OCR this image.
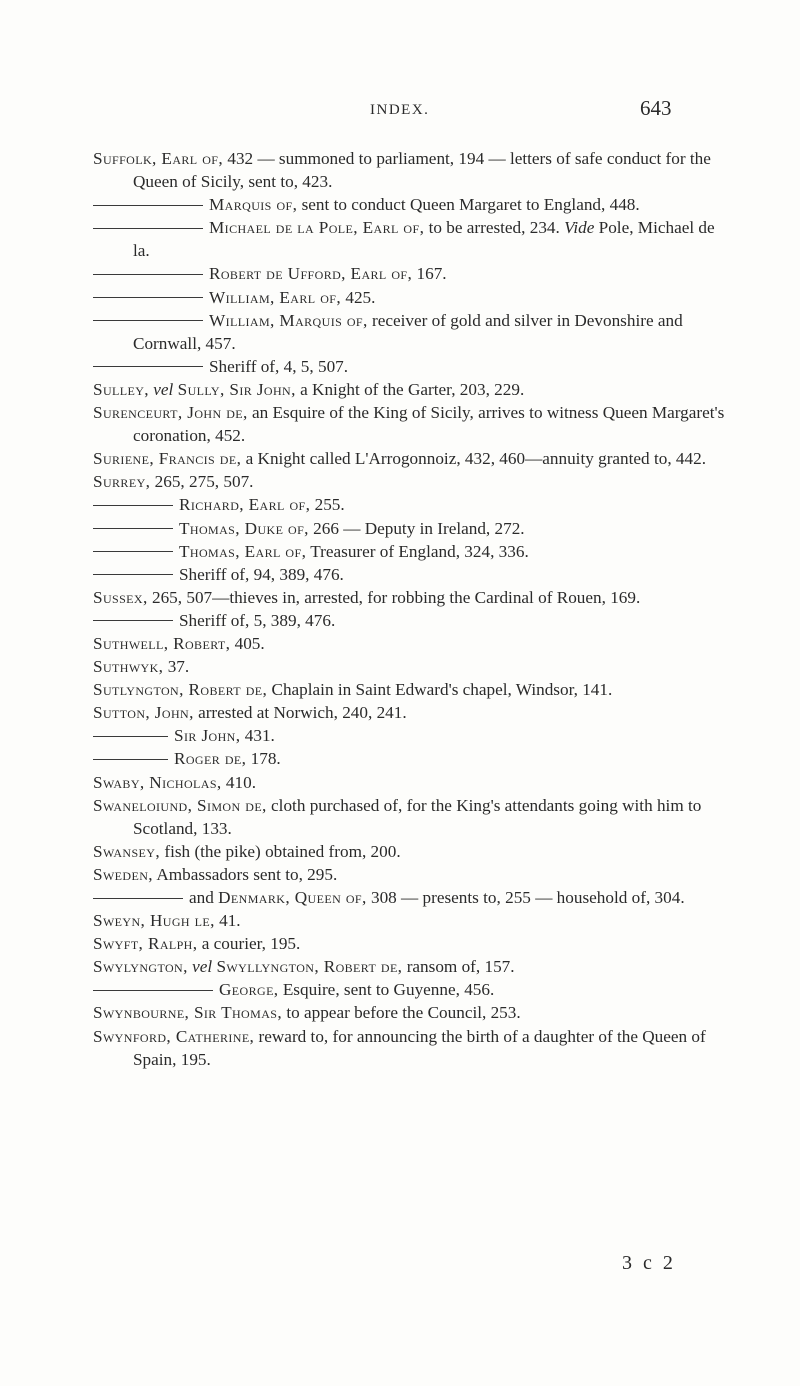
INDEX.	643

Suffolk, Earl of, 432 — summoned to parliament, 194 — letters of safe conduct for the Queen of Sicily, sent to, 423.

Marquis of, sent to conduct Queen Margaret to England, 448.

Michael de la Pole, Earl of, to be arrested, 234. Vide Pole, Michael de la.

Robert de Ufford, Earl of, 167.

William, Earl of, 425.

William, Marquis of, receiver of gold and silver in Devonshire and Cornwall, 457.

Sheriff of, 4, 5, 507.

Sulley, vel Sully, Sir John, a Knight of the Garter, 203, 229.

Surenceurt, John de, an Esquire of the King of Sicily, arrives to witness Queen Margaret's coronation, 452.

Suriene, Francis de, a Knight called L'Arrogonnoiz, 432, 460—annuity granted to, 442.

Surrey, 265, 275, 507.

Richard, Earl of, 255.

Thomas, Duke of, 266 — Deputy in Ireland, 272.

Thomas, Earl of, Treasurer of England, 324, 336.

Sheriff of, 94, 389, 476.

Sussex, 265, 507—thieves in, arrested, for robbing the Cardinal of Rouen, 169.

Sheriff of, 5, 389, 476.

Suthwell, Robert, 405.

Suthwyk, 37.

Sutlyngton, Robert de, Chaplain in Saint Edward's chapel, Windsor, 141.

Sutton, John, arrested at Norwich, 240, 241.

Sir John, 431.

Roger de, 178.

Swaby, Nicholas, 410.

Swaneloiund, Simon de, cloth purchased of, for the King's attendants going with him to Scotland, 133.

Swansey, fish (the pike) obtained from, 200.

Sweden, Ambassadors sent to, 295.

and Denmark, Queen of, 308 — presents to, 255 — household of, 304.

Sweyn, Hugh le, 41.

Swyft, Ralph, a courier, 195.

Swylyngton, vel Swyllyngton, Robert de, ransom of, 157.

George, Esquire, sent to Guyenne, 456.

Swynbourne, Sir Thomas, to appear before the Council, 253.

Swynford, Catherine, reward to, for announcing the birth of a daughter of the Queen of Spain, 195.

3 c 2
